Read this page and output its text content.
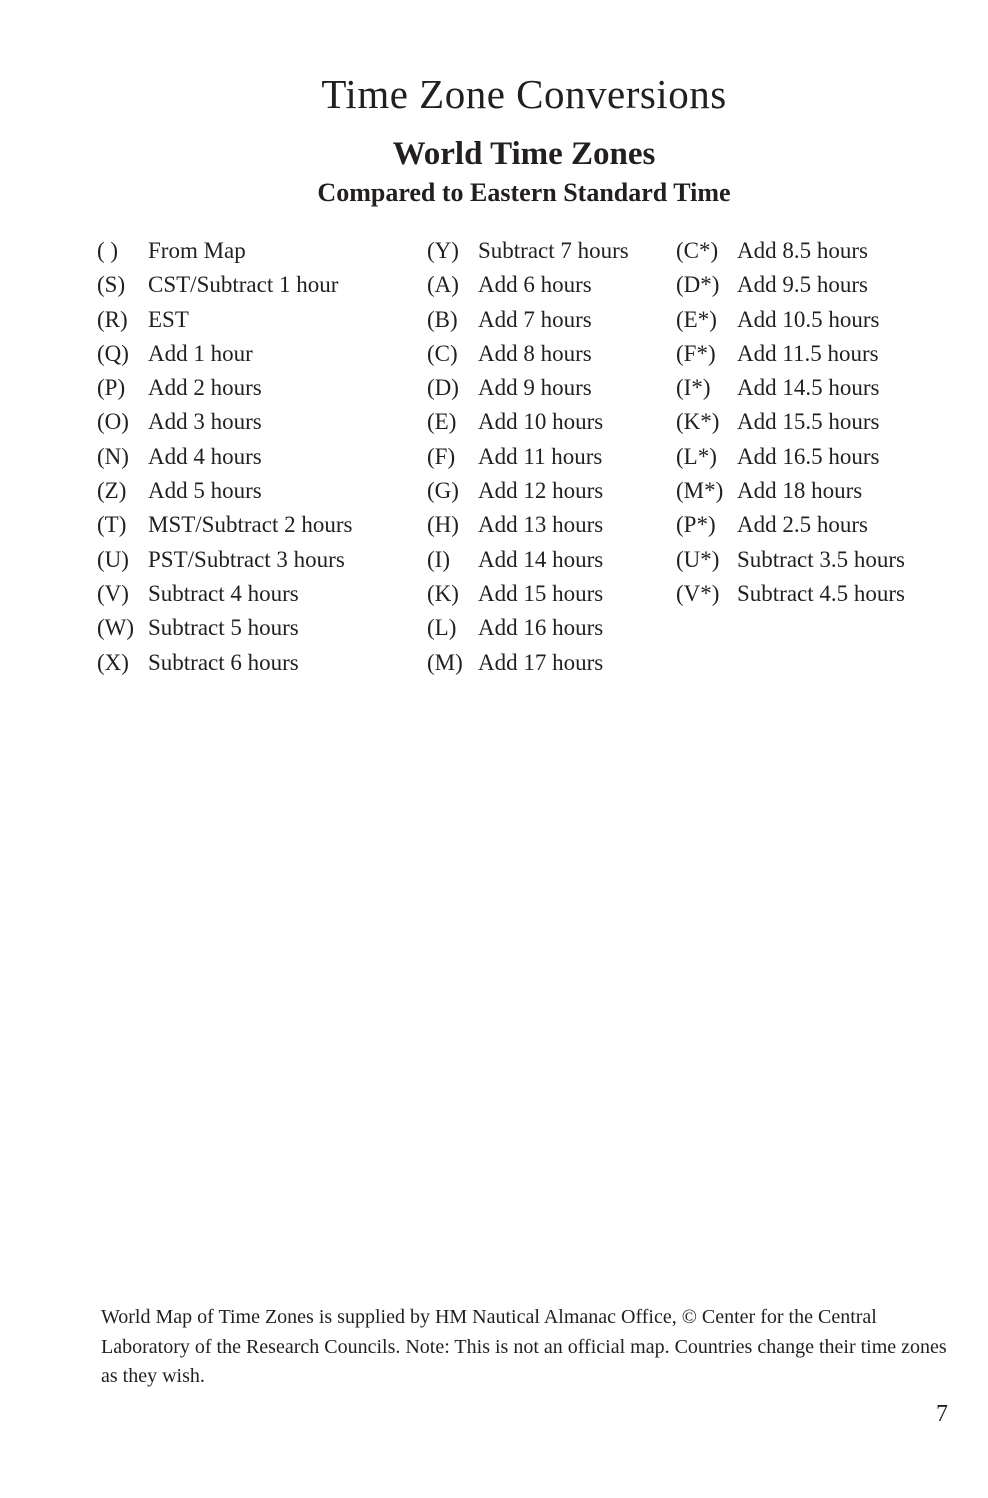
Time Zone Conversions
World Time Zones
Compared to Eastern Standard Time
( )	From Map
(S) CST/Subtract 1 hour
(R) EST
(Q) Add 1 hour
(P) Add 2 hours
(O) Add 3 hours
(N) Add 4 hours
(Z) Add 5 hours
(T) MST/Subtract 2 hours
(U) PST/Subtract 3 hours
(V) Subtract 4 hours
(W) Subtract 5 hours
(X) Subtract 6 hours
(Y) Subtract 7 hours
(A) Add 6 hours
(B) Add 7 hours
(C) Add 8 hours
(D) Add 9 hours
(E) Add 10 hours
(F) Add 11 hours
(G) Add 12 hours
(H) Add 13 hours
(I)	Add 14 hours
(K) Add 15 hours
(L) Add 16 hours
(M) Add 17 hours
(C*) Add 8.5 hours
(D*) Add 9.5 hours
(E*) Add 10.5 hours
(F*) Add 11.5 hours
(I*)	Add 14.5 hours
(K*) Add 15.5 hours
(L*) Add 16.5 hours
(M*) Add 18 hours
(P*) Add 2.5 hours
(U*) Subtract 3.5 hours
(V*) Subtract 4.5 hours
World Map of Time Zones is supplied by HM Nautical Almanac Office, © Center for the Central Laboratory of the Research Councils. Note: This is not an official map. Countries change their time zones as they wish.
7
